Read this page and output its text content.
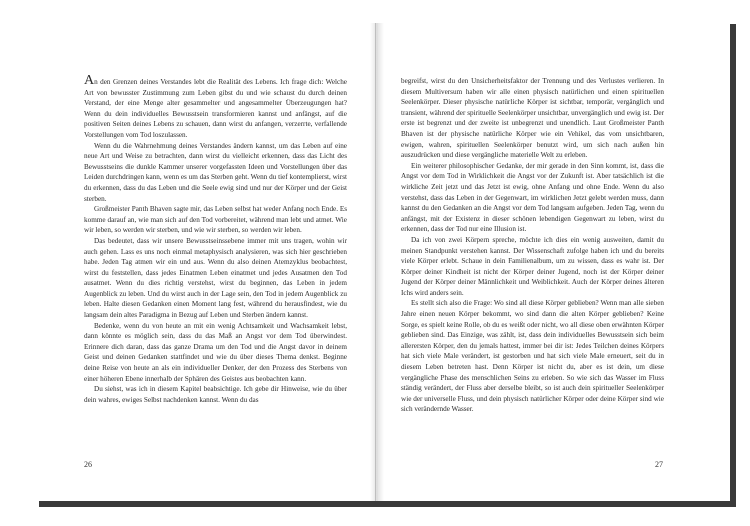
An den Grenzen deines Verstandes lebt die Realität des Lebens. Ich frage dich: Welche Art von bewusster Zustimmung zum Leben gibst du und wie schaust du durch deinen Verstand, der eine Menge alter gesammelter und angesammelter Überzeugungen hat? Wenn du dein individuelles Bewusstsein transformieren kannst und anfängst, auf die positiven Seiten deines Lebens zu schauen, dann wirst du anfangen, verzerrte, verfallende Vorstellungen vom Tod loszulassen.

Wenn du die Wahrnehmung deines Verstandes ändern kannst, um das Leben auf eine neue Art und Weise zu betrachten, dann wirst du vielleicht erkennen, dass das Licht des Bewusstseins die dunkle Kammer unserer vorgefassten Ideen und Vorstellungen über das Leiden durchdringen kann, wenn es um das Sterben geht. Wenn du tief kontemplierst, wirst du erkennen, dass du das Leben und die Seele ewig sind und nur der Körper und der Geist sterben.

Großmeister Panth Bhaven sagte mir, das Leben selbst hat weder Anfang noch Ende. Es komme darauf an, wie man sich auf den Tod vorbereitet, während man lebt und atmet. Wie wir leben, so werden wir sterben, und wie wir sterben, so werden wir leben.

Das bedeutet, dass wir unsere Bewusstseinssebene immer mit uns tragen, wohin wir auch gehen. Lass es uns noch einmal metaphysisch analysieren, was sich hier geschrieben habe. Jeden Tag atmen wir ein und aus. Wenn du also deinen Atemzyklus beobachtest, wirst du feststellen, dass jedes Einatmen Leben einatmet und jedes Ausatmen den Tod ausatmet. Wenn du dies richtig verstehst, wirst du beginnen, das Leben in jedem Augenblick zu leben. Und du wirst auch in der Lage sein, den Tod in jedem Augenblick zu leben. Halte diesen Gedanken einen Moment lang fest, während du herausfindest, wie du langsam dein altes Paradigma in Bezug auf Leben und Sterben ändern kannst.

Bedenke, wenn du von heute an mit ein wenig Achtsamkeit und Wachsamkeit lebst, dann könnte es möglich sein, dass du das Maß an Angst vor dem Tod überwindest. Erinnere dich daran, dass das ganze Drama um den Tod und die Angst davor in deinem Geist und deinen Gedanken stattfindet und wie du über dieses Thema denkst. Beginne deine Reise von heute an als ein individueller Denker, der den Prozess des Sterbens von einer höheren Ebene innerhalb der Sphären des Geistes aus beobachten kann.

Du siehst, was ich in diesem Kapitel beabsichtige. Ich gebe dir Hinweise, wie du über dein wahres, ewiges Selbst nachdenken kannst. Wenn du das

26

begreifst, wirst du den Unsicherheitsfaktor der Trennung und des Verlustes verlieren. In diesem Multiversum haben wir alle einen physisch natürlichen und einen spirituellen Seelenkörper. Dieser physische natürliche Körper ist sichtbar, temporär, vergänglich und transient, während der spirituelle Seelenkörper unsichtbar, unvergänglich und ewig ist. Der erste ist begrenzt und der zweite ist unbegrenzt und unendlich. Laut Großmeister Panth Bhaven ist der physische natürliche Körper wie ein Vehikel, das vom unsichtbaren, ewigen, wahren, spirituellen Seelenkörper benutzt wird, um sich nach außen hin auszudrücken und diese vergängliche materielle Welt zu erleben.

Ein weiterer philosophischer Gedanke, der mir gerade in den Sinn kommt, ist, dass die Angst vor dem Tod in Wirklichkeit die Angst vor der Zukunft ist. Aber tatsächlich ist die wirkliche Zeit jetzt und das Jetzt ist ewig, ohne Anfang und ohne Ende. Wenn du also verstehst, dass das Leben in der Gegenwart, im wirklichen Jetzt gelebt werden muss, dann kannst du den Gedanken an die Angst vor dem Tod langsam aufgeben. Jeden Tag, wenn du anfängst, mit der Existenz in dieser schönen lebendigen Gegenwart zu leben, wirst du erkennen, dass der Tod nur eine Illusion ist.

Da ich von zwei Körpern spreche, möchte ich dies ein wenig ausweiten, damit du meinen Standpunkt verstehen kannst. Der Wissenschaft zufolge haben ich und du bereits viele Körper erlebt. Schaue in dein Familienalbum, um zu wissen, dass es wahr ist. Der Körper deiner Kindheit ist nicht der Körper deiner Jugend, noch ist der Körper deiner Jugend der Körper deiner Männlichkeit und Weiblichkeit. Auch der Körper deines älteren Ichs wird anders sein.

Es stellt sich also die Frage: Wo sind all diese Körper geblieben? Wenn man alle sieben Jahre einen neuen Körper bekommt, wo sind dann die alten Körper geblieben? Keine Sorge, es spielt keine Rolle, ob du es weißt oder nicht, wo all diese oben erwähnten Körper geblieben sind. Das Einzige, was zählt, ist, dass dein individuelles Bewusstsein sich beim allerersten Körper, den du jemals hattest, immer bei dir ist: Jedes Teilchen deines Körpers hat sich viele Male verändert, ist gestorben und hat sich viele Male erneuert, seit du in diesem Leben betreten hast. Denn Körper ist nicht du, aber es ist dein, um diese vergängliche Phase des menschlichen Seins zu erleben. So wie sich das Wasser im Fluss ständig verändert, der Fluss aber derselbe bleibt, so ist auch dein spiritueller Seelenkörper wie der universelle Fluss, und dein physisch natürlicher Körper oder deine Körper sind wie sich verändernde Wasser.

27
